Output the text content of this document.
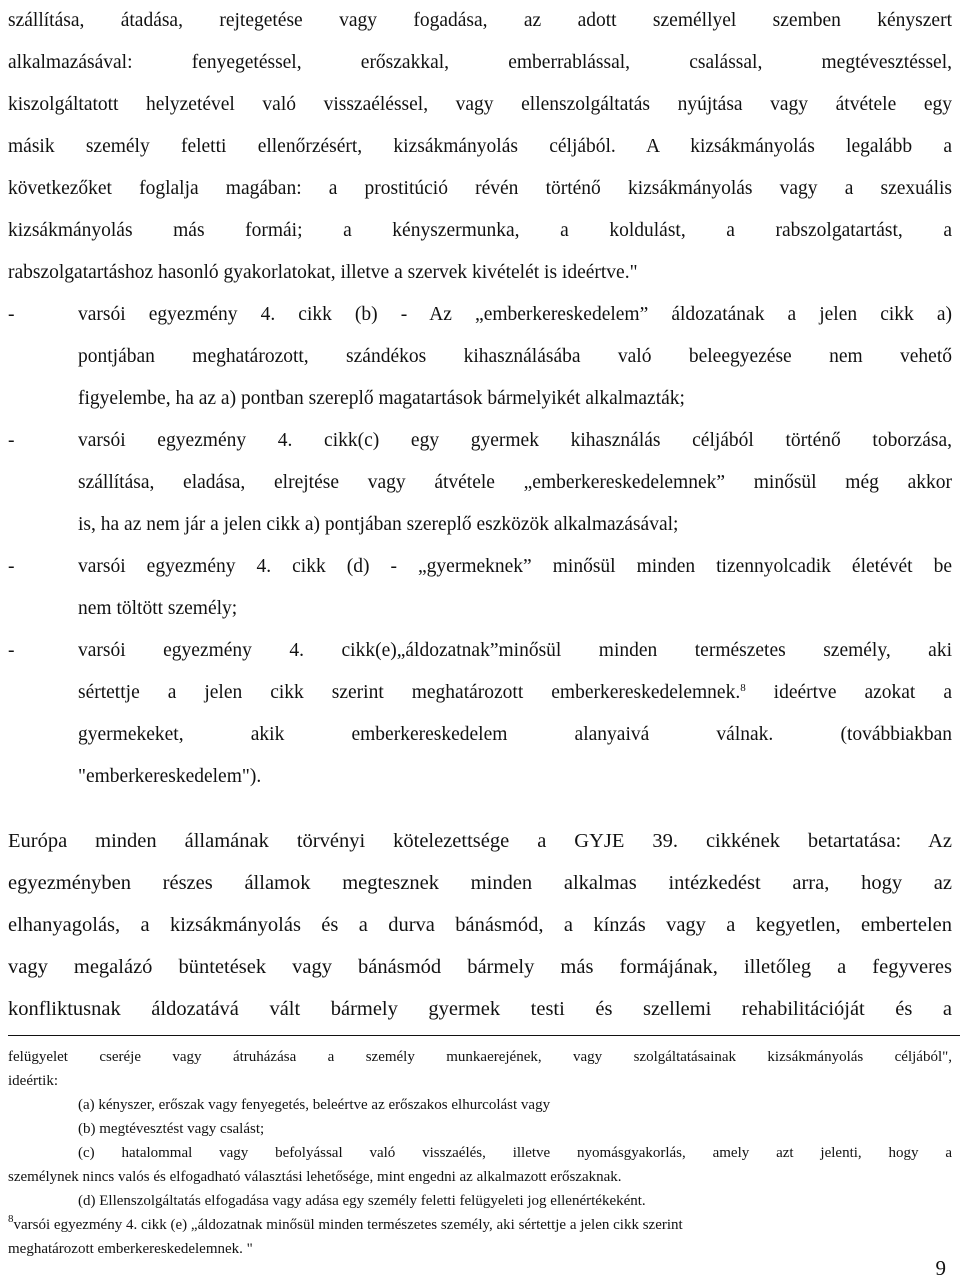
szállítása, átadása, rejtegetése vagy fogadása, az adott személlyel szemben kényszert
alkalmazásával: fenyegetéssel, erőszakkal, emberrablással, csalással, megtévesztéssel,
kiszolgáltatott helyzetével való visszaéléssel, vagy ellenszolgáltatás nyújtása vagy átvétele egy
másik személy feletti ellenőrzésért, kizsákmányolás céljából. A kizsákmányolás legalább a
következőket foglalja magában: a prostitúció révén történő kizsákmányolás vagy a szexuális
kizsákmányolás más formái; a kényszermunka, a koldulást, a rabszolgatartást, a
rabszolgatartáshoz hasonló gyakorlatokat, illetve a szervek kivételét is ideértve."
-	varsói egyezmény 4. cikk (b) - Az „emberkereskedelem” áldozatának a jelen cikk a)
pontjában meghatározott, szándékos kihasználásába való beleegyezése nem vehető
figyelembe, ha az a) pontban szereplő magatartások bármelyikét alkalmazták;
-	varsói egyezmény 4. cikk(c) egy gyermek kihasználás céljából történő toborzása,
szállítása, eladása, elrejtése vagy átvétele „emberkereskedelemnek” minősül még akkor
is, ha az nem jár a jelen cikk a) pontjában szereplő eszközök alkalmazásával;
-	varsói egyezmény 4. cikk (d) - „gyermeknek” minősül minden tizennyolcadik életévét be
nem töltött személy;
-	varsói egyezmény 4. cikk(e)„áldozatnak”minősül minden természetes személy, aki
sértettje a jelen cikk szerint meghatározott emberkereskedelemnek.$^8$ ideértve azokat a
gyermekeket, akik emberkereskedelem alanyaivá válnak. (továbbiakban
"emberkereskedelem").
Európa minden államának törvényi kötelezettsége a GYJE 39. cikkének betartatása: Az
egyezményben részes államok megtesznek minden alkalmas intézkedést arra, hogy az
elhanyagolás, a kizsákmányolás és a durva bánásmód, a kínzás vagy a kegyetlen, embertelen
vagy megalázó büntetések vagy bánásmód bármely más formájának, illetőleg a fegyveres
konfliktusnak áldozatává vált bármely gyermek testi és szellemi rehabilitációját és a
felügyelet cseréje vagy átruházása a személy munkaerejének, vagy szolgáltatásainak kizsákmányolás céljából",
ideértik:
(a) kényszer, erőszak vagy fenyegetés, beleértve az erőszakos elhurcolást vagy
(b) megtévesztést vagy csalást;
(c) hatalommal vagy befolyással való visszaélés, illetve nyomásgyakorlás, amely azt jelenti, hogy a
személynek nincs valós és elfogadható választási lehetősége, mint engedni az alkalmazott erőszaknak.
(d) Ellenszolgáltatás elfogadása vagy adása egy személy feletti felügyeleti jog ellenértékeként.
$^8$varsói egyezmény 4. cikk (e) „áldozatnak minősül minden természetes személy, aki sértettje a jelen cikk szerint
meghatározott emberkereskedelemnek. "
9
